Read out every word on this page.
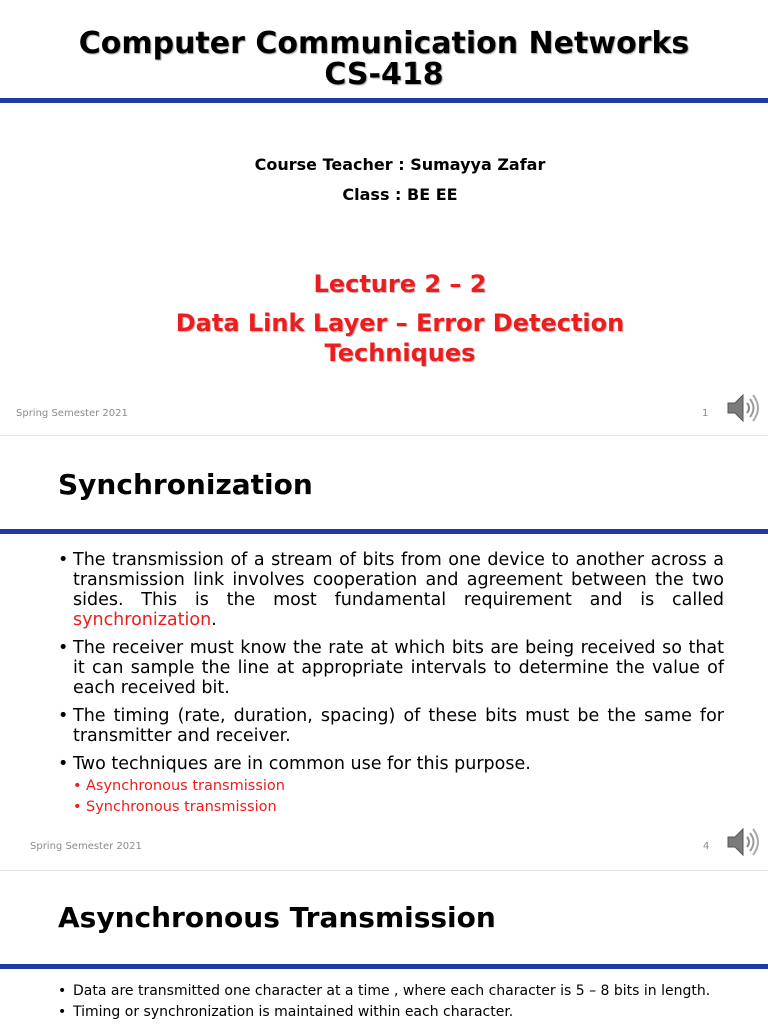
Computer Communication Networks
CS-418
Course Teacher : Sumayya Zafar
Class : BE EE
Lecture 2 – 2
Data Link Layer – Error Detection
Techniques
Spring Semester 2021	1
Synchronization
• The transmission of a stream of bits from one device to another across a transmission link involves cooperation and agreement between the two sides. This is the most fundamental requirement and is called synchronization.
• The receiver must know the rate at which bits are being received so that it can sample the line at appropriate intervals to determine the value of each received bit.
• The timing (rate, duration, spacing) of these bits must be the same for transmitter and receiver.
• Two techniques are in common use for this purpose.
• Asynchronous transmission
• Synchronous transmission
Spring Semester 2021	4
Asynchronous Transmission
• Data are transmitted one character at a time , where each character is 5 – 8 bits in length.
• Timing or synchronization is maintained within each character.
